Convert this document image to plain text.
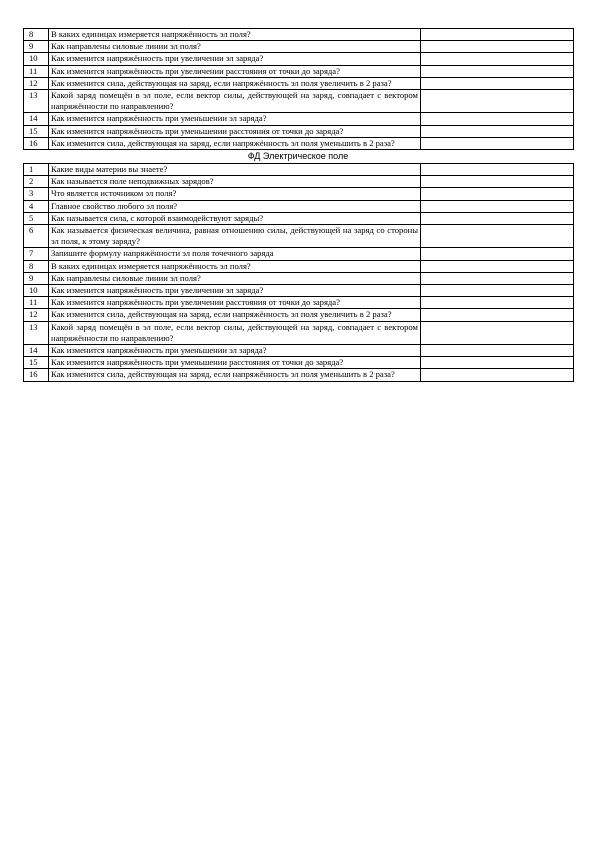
8	В каких единицах измеряется напряжённость эл поля?	
9	Как направлены силовые линии эл поля?	
10	Как изменится напряжённость при увеличении эл заряда?	
11	Как изменится напряжённость при увеличении расстояния от точки до заряда?	
12	Как изменится сила, действующая на заряд, если напряжённость эл поля увеличить в 2 раза?	
13	Какой заряд помещён в эл поле, если вектор силы, действующей на заряд, совпадает с вектором напряжённости по направлению?	
14	Как изменится напряжённость при уменьшении эл заряда?	
15	Как изменится напряжённость при уменьшении расстояния от точки до заряда?	
16	Как изменится сила, действующая на заряд, если напряжённость эл поля уменьшить в 2 раза?	
ФД Электрическое поле
1	Какие виды материи вы знаете?	
2	Как называется поле неподвижных зарядов?	
3	Что является источником эл поля?	
4	Главное свойство любого эл поля?	
5	Как называется сила, с которой взаимодействуют заряды?	
6	Как называется физическая величина, равная отношению силы, действующей на заряд со стороны эл поля, к этому заряду?	
7	Запишите формулу напряжённости эл поля точечного заряда	
8	В каких единицах измеряется напряжённость эл поля?	
9	Как направлены силовые линии эл поля?	
10	Как изменится напряжённость при увеличении эл заряда?	
11	Как изменится напряжённость при увеличении расстояния от точки до заряда?	
12	Как изменится сила, действующая на заряд, если напряжённость эл поля увеличить в 2 раза?	
13	Какой заряд помещён в эл поле, если вектор силы, действующей на заряд, совпадает с вектором напряжённости по направлению?	
14	Как изменится напряжённость при уменьшении эл заряда?	
15	Как изменится напряжённость при уменьшении расстояния от точки до заряда?	
16	Как изменится сила, действующая на заряд, если напряжённость эл поля уменьшить в 2 раза?	
